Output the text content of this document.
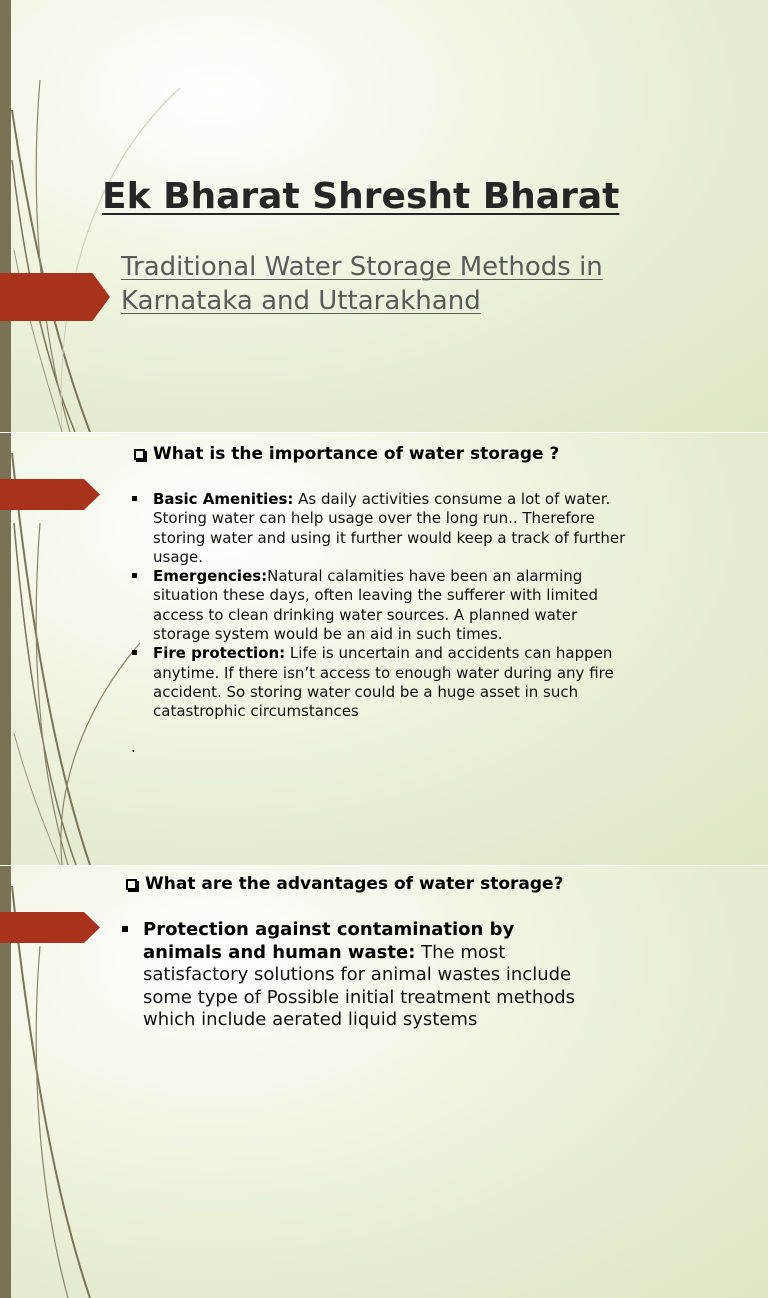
Ek Bharat Shresht Bharat
Traditional Water Storage Methods in Karnataka and Uttarakhand
What is the importance of water storage ?
Basic Amenities: As daily activities consume a lot of water. Storing water can help usage over the long run.. Therefore storing water and using it further would keep a track of further usage.
Emergencies:Natural calamities have been an alarming situation these days, often leaving the sufferer with limited access to clean drinking water sources. A planned water storage system would be an aid in such times.
Fire protection: Life is uncertain and accidents can happen anytime. If there isn’t access to enough water during any fire accident. So storing water could be a huge asset in such catastrophic circumstances
.
What are the advantages of water storage?
Protection against contamination by animals and human waste: The most satisfactory solutions for animal wastes include some type of Possible initial treatment methods which include aerated liquid systems
